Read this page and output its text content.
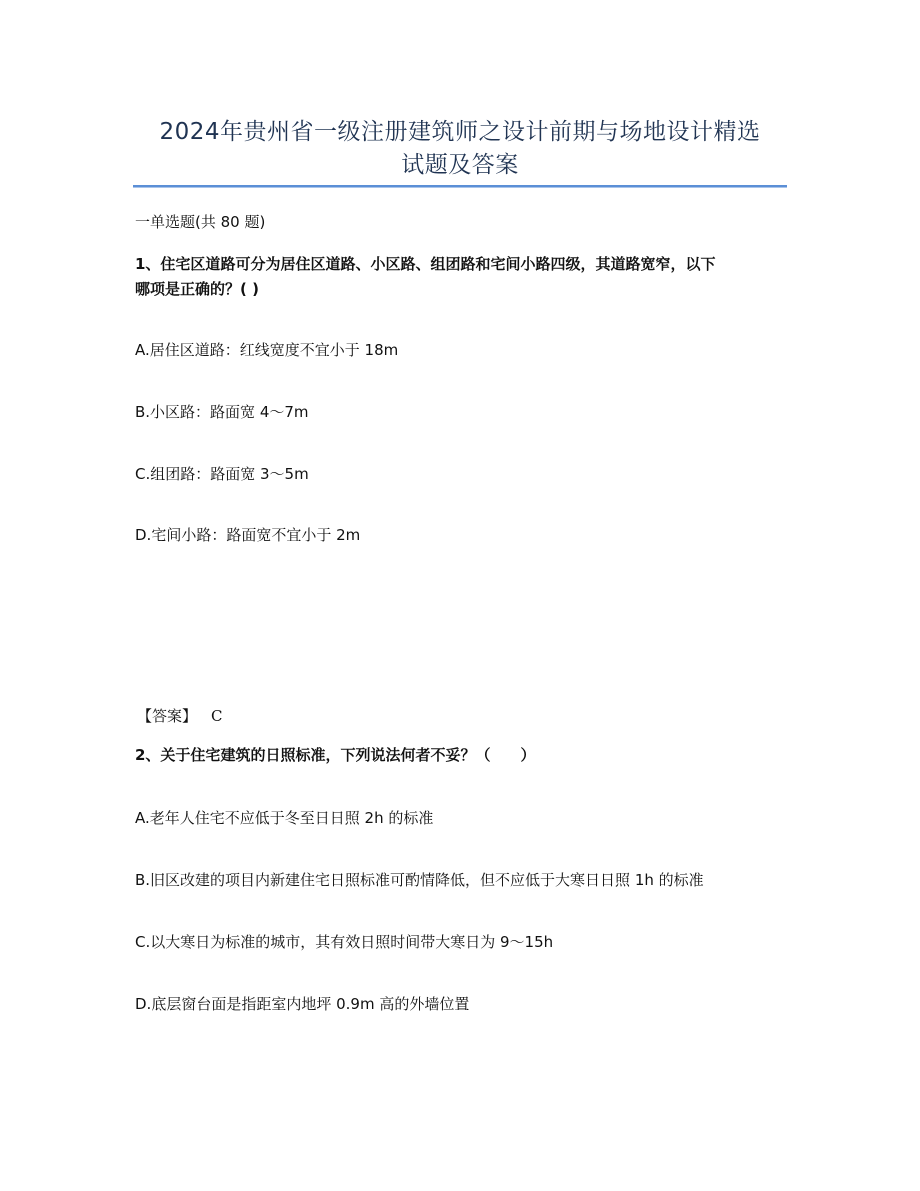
2024年贵州省一级注册建筑师之设计前期与场地设计精选
试题及答案
一单选题(共 80 题)
1、住宅区道路可分为居住区道路、小区路、组团路和宅间小路四级，其道路宽窄，以下
哪项是正确的？( )
A.居住区道路：红线宽度不宜小于 18m
B.小区路：路面宽 4～7m
C.组团路：路面宽 3～5m
D.宅间小路：路面宽不宜小于 2m
【答案】 C
2、关于住宅建筑的日照标准，下列说法何者不妥？（　　）
A.老年人住宅不应低于冬至日日照 2h 的标准
B.旧区改建的项目内新建住宅日照标准可酌情降低，但不应低于大寒日日照 1h 的标准
C.以大寒日为标准的城市，其有效日照时间带大寒日为 9～15h
D.底层窗台面是指距室内地坪 0.9m 高的外墙位置
